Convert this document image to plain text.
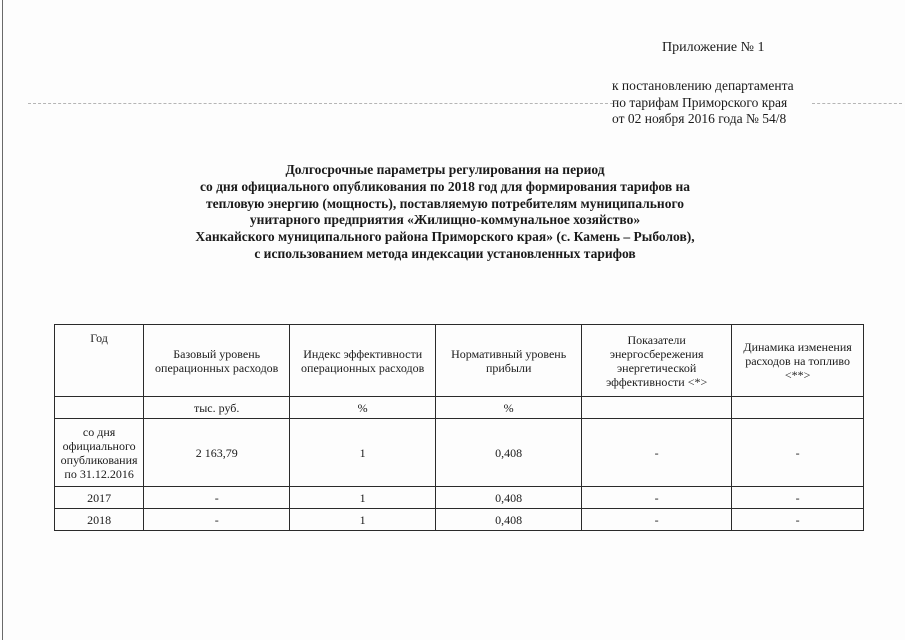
Приложение № 1
к постановлению департамента
по тарифам Приморского края
от 02 ноября 2016 года № 54/8
Долгосрочные параметры регулирования на период
со дня официального опубликования по 2018 год для формирования тарифов на
тепловую энергию (мощность), поставляемую потребителям муниципального
унитарного предприятия «Жилищно-коммунальное хозяйство»
Ханкайского муниципального района Приморского края» (с. Камень – Рыболов),
с использованием метода индексации установленных тарифов
Год	Базовый уровень операционных расходов	Индекс эффективности операционных расходов	Нормативный уровень прибыли	Показатели энергосбережения энергетической эффективности <*>	Динамика изменения расходов на топливо <**>
	тыс. руб.	%	%		
со дня официального опубликования по 31.12.2016	2 163,79	1	0,408	-	-
2017	-	1	0,408	-	-
2018	-	1	0,408	-	-
